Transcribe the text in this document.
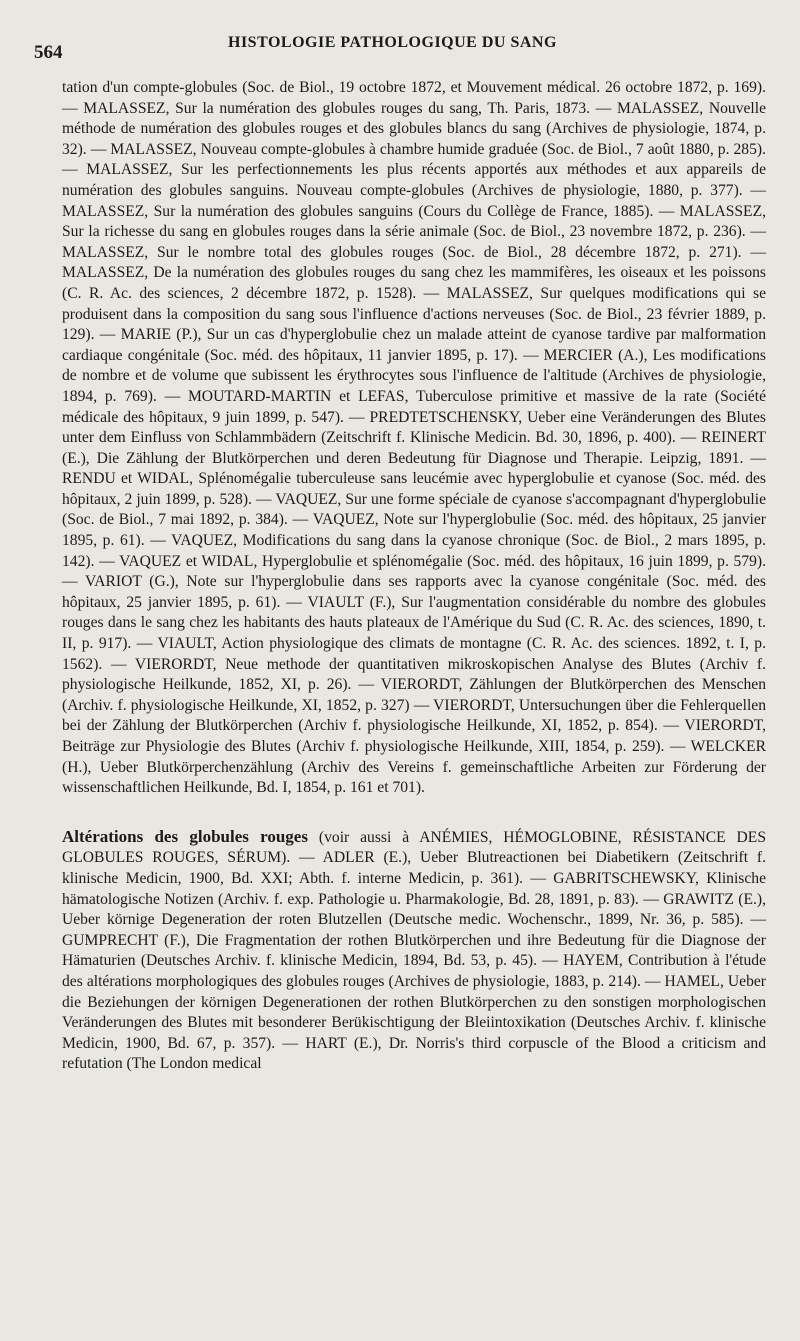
564	HISTOLOGIE PATHOLOGIQUE DU SANG

tation d'un compte-globules (Soc. de Biol., 19 octobre 1872, et Mouvement médical. 26 octobre 1872, p. 169). — MALASSEZ, Sur la numération des globules rouges du sang, Th. Paris, 1873. — MALASSEZ, Nouvelle méthode de numération des globules rouges et des globules blancs du sang (Archives de physiologie, 1874, p. 32). — MALASSEZ, Nouveau compte-globules à chambre humide graduée (Soc. de Biol., 7 août 1880, p. 285). — MALASSEZ, Sur les perfectionnements les plus récents apportés aux méthodes et aux appareils de numération des globules sanguins. Nouveau compte-globules (Archives de physiologie, 1880, p. 377). — MALASSEZ, Sur la numération des globules sanguins (Cours du Collège de France, 1885). — MALASSEZ, Sur la richesse du sang en globules rouges dans la série animale (Soc. de Biol., 23 novembre 1872, p. 236). — MALASSEZ, Sur le nombre total des globules rouges (Soc. de Biol., 28 décembre 1872, p. 271). — MALASSEZ, De la numération des globules rouges du sang chez les mammifères, les oiseaux et les poissons (C. R. Ac. des sciences, 2 décembre 1872, p. 1528). — MALASSEZ, Sur quelques modifications qui se produisent dans la composition du sang sous l'influence d'actions nerveuses (Soc. de Biol., 23 février 1889, p. 129). — MARIE (P.), Sur un cas d'hyperglobulie chez un malade atteint de cyanose tardive par malformation cardiaque congénitale (Soc. méd. des hôpitaux, 11 janvier 1895, p. 17). — MERCIER (A.), Les modifications de nombre et de volume que subissent les érythrocytes sous l'influence de l'altitude (Archives de physiologie, 1894, p. 769). — MOUTARD-MARTIN et LEFAS, Tuberculose primitive et massive de la rate (Société médicale des hôpitaux, 9 juin 1899, p. 547). — PREDTETSCHENSKY, Ueber eine Veränderungen des Blutes unter dem Einfluss von Schlammbädern (Zeitschrift f. Klinische Medicin. Bd. 30, 1896, p. 400). — REINERT (E.), Die Zählung der Blutkörperchen und deren Bedeutung für Diagnose und Therapie. Leipzig, 1891. — RENDU et WIDAL, Splénomégalie tuberculeuse sans leucémie avec hyperglobulie et cyanose (Soc. méd. des hôpitaux, 2 juin 1899, p. 528). — VAQUEZ, Sur une forme spéciale de cyanose s'accompagnant d'hyperglobulie (Soc. de Biol., 7 mai 1892, p. 384). — VAQUEZ, Note sur l'hyperglobulie (Soc. méd. des hôpitaux, 25 janvier 1895, p. 61). — VAQUEZ, Modifications du sang dans la cyanose chronique (Soc. de Biol., 2 mars 1895, p. 142). — VAQUEZ et WIDAL, Hyperglobulie et splénomégalie (Soc. méd. des hôpitaux, 16 juin 1899, p. 579). — VARIOT (G.), Note sur l'hyperglobulie dans ses rapports avec la cyanose congénitale (Soc. méd. des hôpitaux, 25 janvier 1895, p. 61). — VIAULT (F.), Sur l'augmentation considérable du nombre des globules rouges dans le sang chez les habitants des hauts plateaux de l'Amérique du Sud (C. R. Ac. des sciences, 1890, t. II, p. 917). — VIAULT, Action physiologique des climats de montagne (C. R. Ac. des sciences. 1892, t. I, p. 1562). — VIERORDT, Neue methode der quantitativen mikroskopischen Analyse des Blutes (Archiv f. physiologische Heilkunde, 1852, XI, p. 26). — VIERORDT, Zählungen der Blutkörperchen des Menschen (Archiv. f. physiologische Heilkunde, XI, 1852, p. 327) — VIERORDT, Untersuchungen über die Fehlerquellen bei der Zählung der Blutkörperchen (Archiv f. physiologische Heilkunde, XI, 1852, p. 854). — VIERORDT, Beiträge zur Physiologie des Blutes (Archiv f. physiologische Heilkunde, XIII, 1854, p. 259). — WELCKER (H.), Ueber Blutkörperchenzählung (Archiv des Vereins f. gemeinschaftliche Arbeiten zur Förderung der wissenschaftlichen Heilkunde, Bd. I, 1854, p. 161 et 701).

Altérations des globules rouges (voir aussi à ANÉMIES, HÉMOGLOBINE, RÉSISTANCE DES GLOBULES ROUGES, SÉRUM). — ADLER (E.), Ueber Blutreactionen bei Diabetikern (Zeitschrift f. klinische Medicin, 1900, Bd. XXI; Abth. f. interne Medicin, p. 361). — GABRITSCHEWSKY, Klinische hämatologische Notizen (Archiv. f. exp. Pathologie u. Pharmakologie, Bd. 28, 1891, p. 83). — GRAWITZ (E.), Ueber körnige Degeneration der roten Blutzellen (Deutsche medic. Wochenschr., 1899, Nr. 36, p. 585). — GUMPRECHT (F.), Die Fragmentation der rothen Blutkörperchen und ihre Bedeutung für die Diagnose der Hämaturien (Deutsches Archiv. f. klinische Medicin, 1894, Bd. 53, p. 45). — HAYEM, Contribution à l'étude des altérations morphologiques des globules rouges (Archives de physiologie, 1883, p. 214). — HAMEL, Ueber die Beziehungen der körnigen Degenerationen der rothen Blutkörperchen zu den sonstigen morphologischen Veränderungen des Blutes mit besonderer Berükischtigung der Bleiintoxikation (Deutsches Archiv. f. klinische Medicin, 1900, Bd. 67, p. 357). — HART (E.), Dr. Norris's third corpuscle of the Blood a criticism and refutation (The London medical
